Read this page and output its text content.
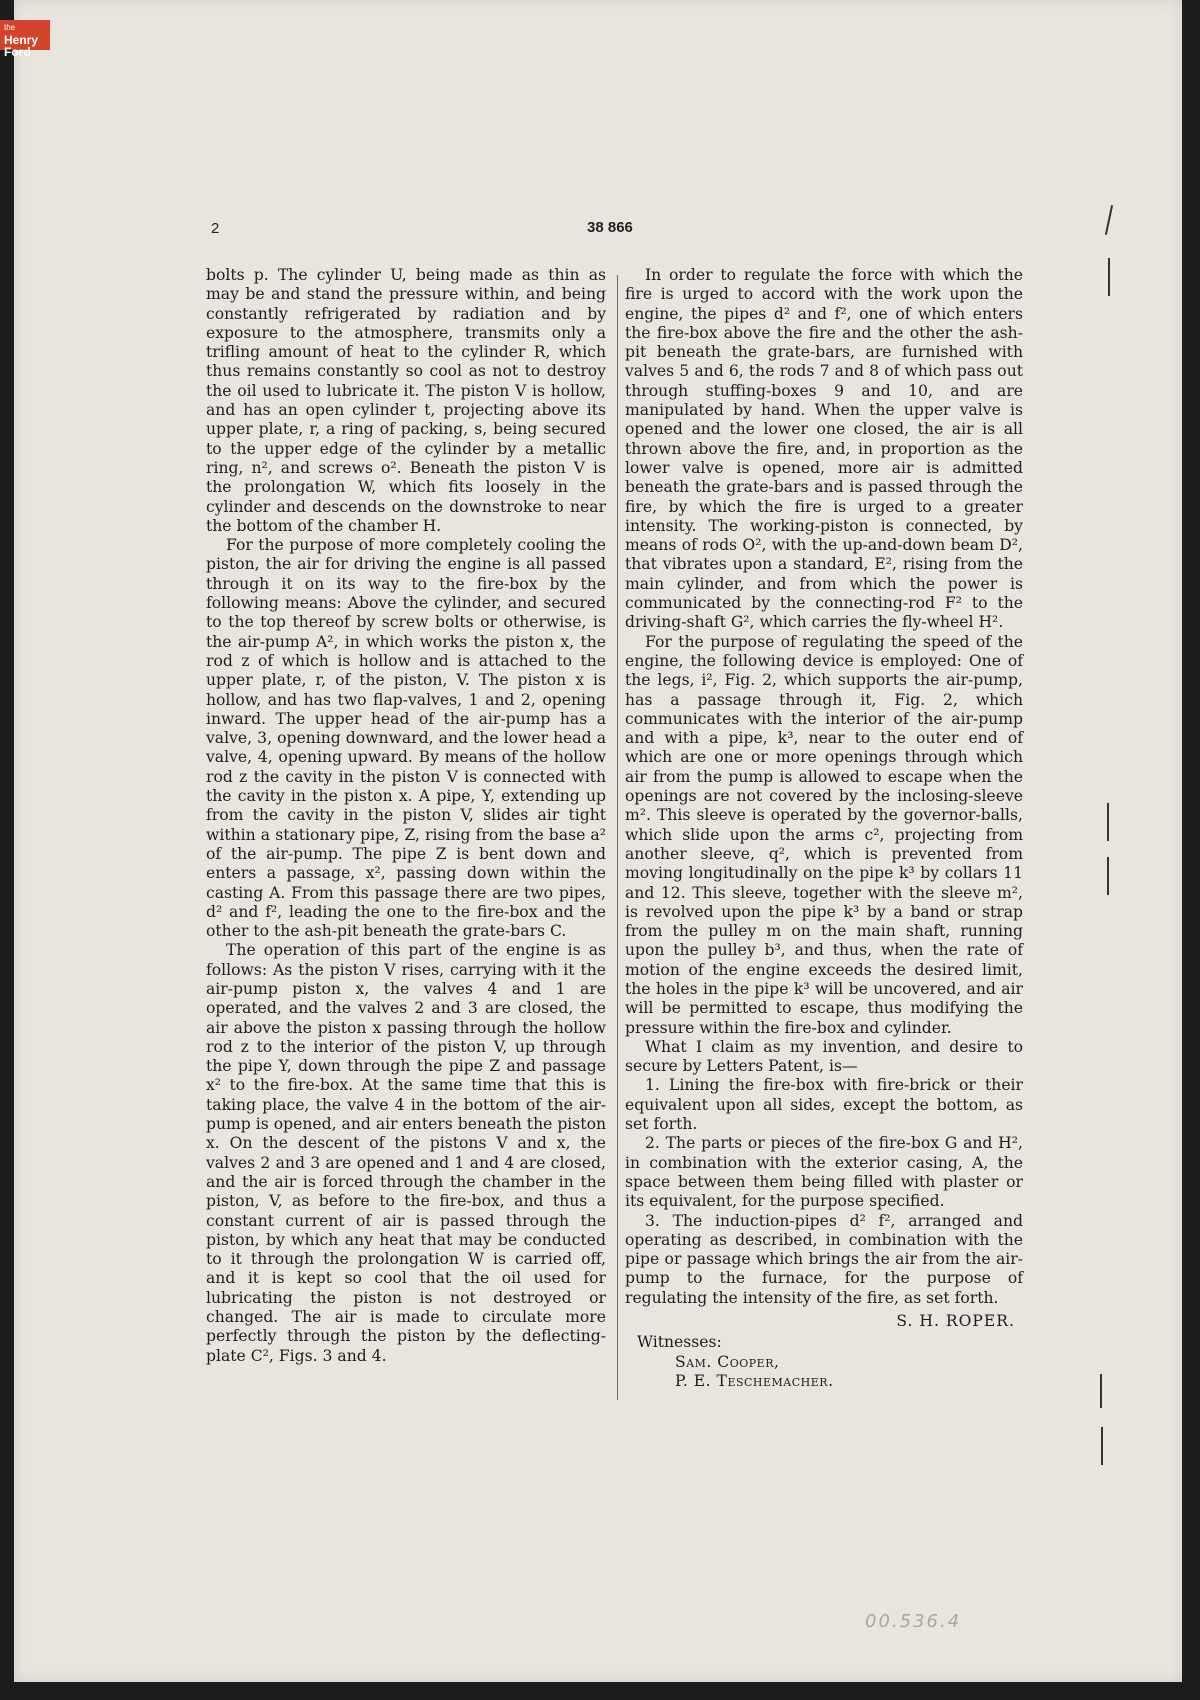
the
Henry
Ford
2	38 866

bolts p. The cylinder U, being made as thin as may be and stand the pressure within, and being constantly refrigerated by radiation and by exposure to the atmosphere, transmits only a trifling amount of heat to the cylinder R, which thus remains constantly so cool as not to destroy the oil used to lubricate it. The piston V is hollow, and has an open cylinder t, projecting above its upper plate, r, a ring of packing, s, being secured to the upper edge of the cylinder by a metallic ring, n², and screws o². Beneath the piston V is the prolongation W, which fits loosely in the cylinder and descends on the downstroke to near the bottom of the chamber H.

For the purpose of more completely cooling the piston, the air for driving the engine is all passed through it on its way to the fire-box by the following means: Above the cylinder, and secured to the top thereof by screw bolts or otherwise, is the air-pump A², in which works the piston x, the rod z of which is hollow and is attached to the upper plate, r, of the piston, V. The piston x is hollow, and has two flap-valves, 1 and 2, opening inward. The upper head of the air-pump has a valve, 3, opening downward, and the lower head a valve, 4, opening upward. By means of the hollow rod z the cavity in the piston V is connected with the cavity in the piston x. A pipe, Y, extending up from the cavity in the piston V, slides air tight within a stationary pipe, Z, rising from the base a² of the air-pump. The pipe Z is bent down and enters a passage, x², passing down within the casting A. From this passage there are two pipes, d² and f², leading the one to the fire-box and the other to the ash-pit beneath the grate-bars C.

The operation of this part of the engine is as follows: As the piston V rises, carrying with it the air-pump piston x, the valves 4 and 1 are operated, and the valves 2 and 3 are closed, the air above the piston x passing through the hollow rod z to the interior of the piston V, up through the pipe Y, down through the pipe Z and passage x² to the fire-box. At the same time that this is taking place, the valve 4 in the bottom of the air-pump is opened, and air enters beneath the piston x. On the descent of the pistons V and x, the valves 2 and 3 are opened and 1 and 4 are closed, and the air is forced through the chamber in the piston, V, as before to the fire-box, and thus a constant current of air is passed through the piston, by which any heat that may be conducted to it through the prolongation W is carried off, and it is kept so cool that the oil used for lubricating the piston is not destroyed or changed. The air is made to circulate more perfectly through the piston by the deflecting-plate C², Figs. 3 and 4.

In order to regulate the force with which the fire is urged to accord with the work upon the engine, the pipes d² and f², one of which enters the fire-box above the fire and the other the ash-pit beneath the grate-bars, are furnished with valves 5 and 6, the rods 7 and 8 of which pass out through stuffing-boxes 9 and 10, and are manipulated by hand. When the upper valve is opened and the lower one closed, the air is all thrown above the fire, and, in proportion as the lower valve is opened, more air is admitted beneath the grate-bars and is passed through the fire, by which the fire is urged to a greater intensity. The working-piston is connected, by means of rods O², with the up-and-down beam D², that vibrates upon a standard, E², rising from the main cylinder, and from which the power is communicated by the connecting-rod F² to the driving-shaft G², which carries the fly-wheel H².

For the purpose of regulating the speed of the engine, the following device is employed: One of the legs, i², Fig. 2, which supports the air-pump, has a passage through it, Fig. 2, which communicates with the interior of the air-pump and with a pipe, k³, near to the outer end of which are one or more openings through which air from the pump is allowed to escape when the openings are not covered by the inclosing-sleeve m². This sleeve is operated by the governor-balls, which slide upon the arms c², projecting from another sleeve, q², which is prevented from moving longitudinally on the pipe k³ by collars 11 and 12. This sleeve, together with the sleeve m², is revolved upon the pipe k³ by a band or strap from the pulley m on the main shaft, running upon the pulley b³, and thus, when the rate of motion of the engine exceeds the desired limit, the holes in the pipe k³ will be uncovered, and air will be permitted to escape, thus modifying the pressure within the fire-box and cylinder.

What I claim as my invention, and desire to secure by Letters Patent, is—

1. Lining the fire-box with fire-brick or their equivalent upon all sides, except the bottom, as set forth.

2. The parts or pieces of the fire-box G and H², in combination with the exterior casing, A, the space between them being filled with plaster or its equivalent, for the purpose specified.

3. The induction-pipes d² f², arranged and operating as described, in combination with the pipe or passage which brings the air from the air-pump to the furnace, for the purpose of regulating the intensity of the fire, as set forth.

S. H. ROPER.
Witnesses:
Sam. Cooper,
P. E. Teschemacher.
00.536.4
